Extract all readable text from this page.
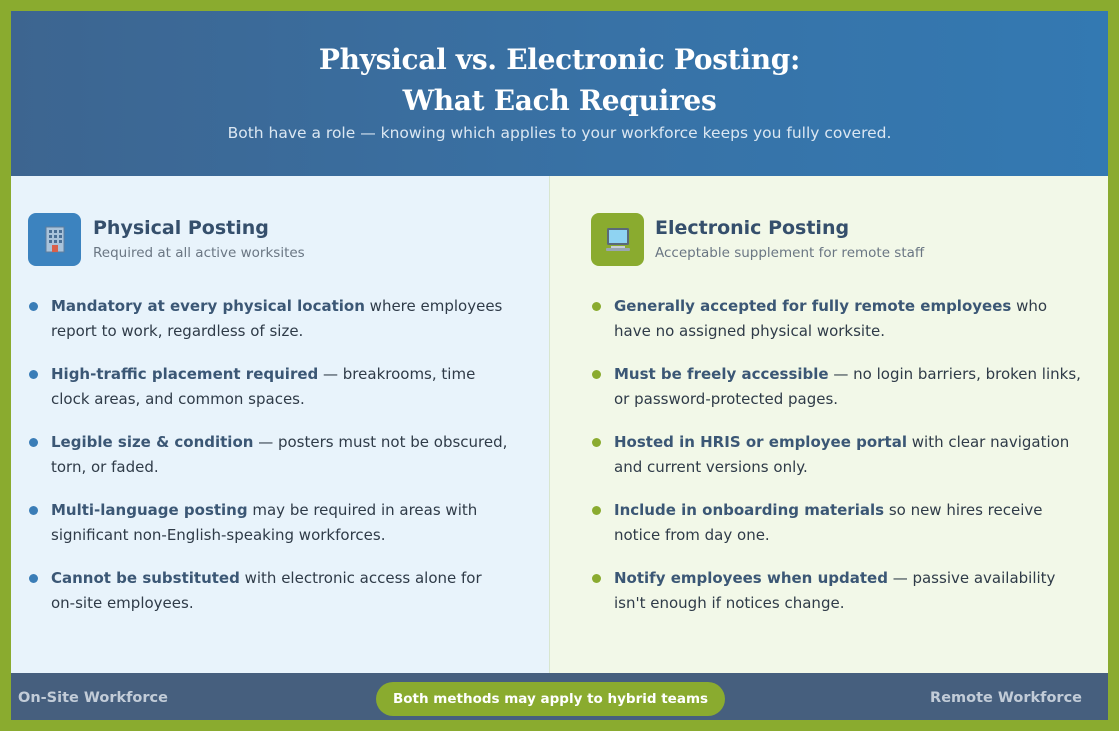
Physical vs. Electronic Posting:
What Each Requires
Both have a role — knowing which applies to your workforce keeps you fully covered.
Physical Posting
Required at all active worksites
Mandatory at every physical location where employees report to work, regardless of size.
High-traffic placement required — breakrooms, time clock areas, and common spaces.
Legible size & condition — posters must not be obscured, torn, or faded.
Multi-language posting may be required in areas with significant non-English-speaking workforces.
Cannot be substituted with electronic access alone for on-site employees.
Electronic Posting
Acceptable supplement for remote staff
Generally accepted for fully remote employees who have no assigned physical worksite.
Must be freely accessible — no login barriers, broken links, or password-protected pages.
Hosted in HRIS or employee portal with clear navigation and current versions only.
Include in onboarding materials so new hires receive notice from day one.
Notify employees when updated — passive availability isn't enough if notices change.
On-Site Workforce	Both methods may apply to hybrid teams	Remote Workforce
